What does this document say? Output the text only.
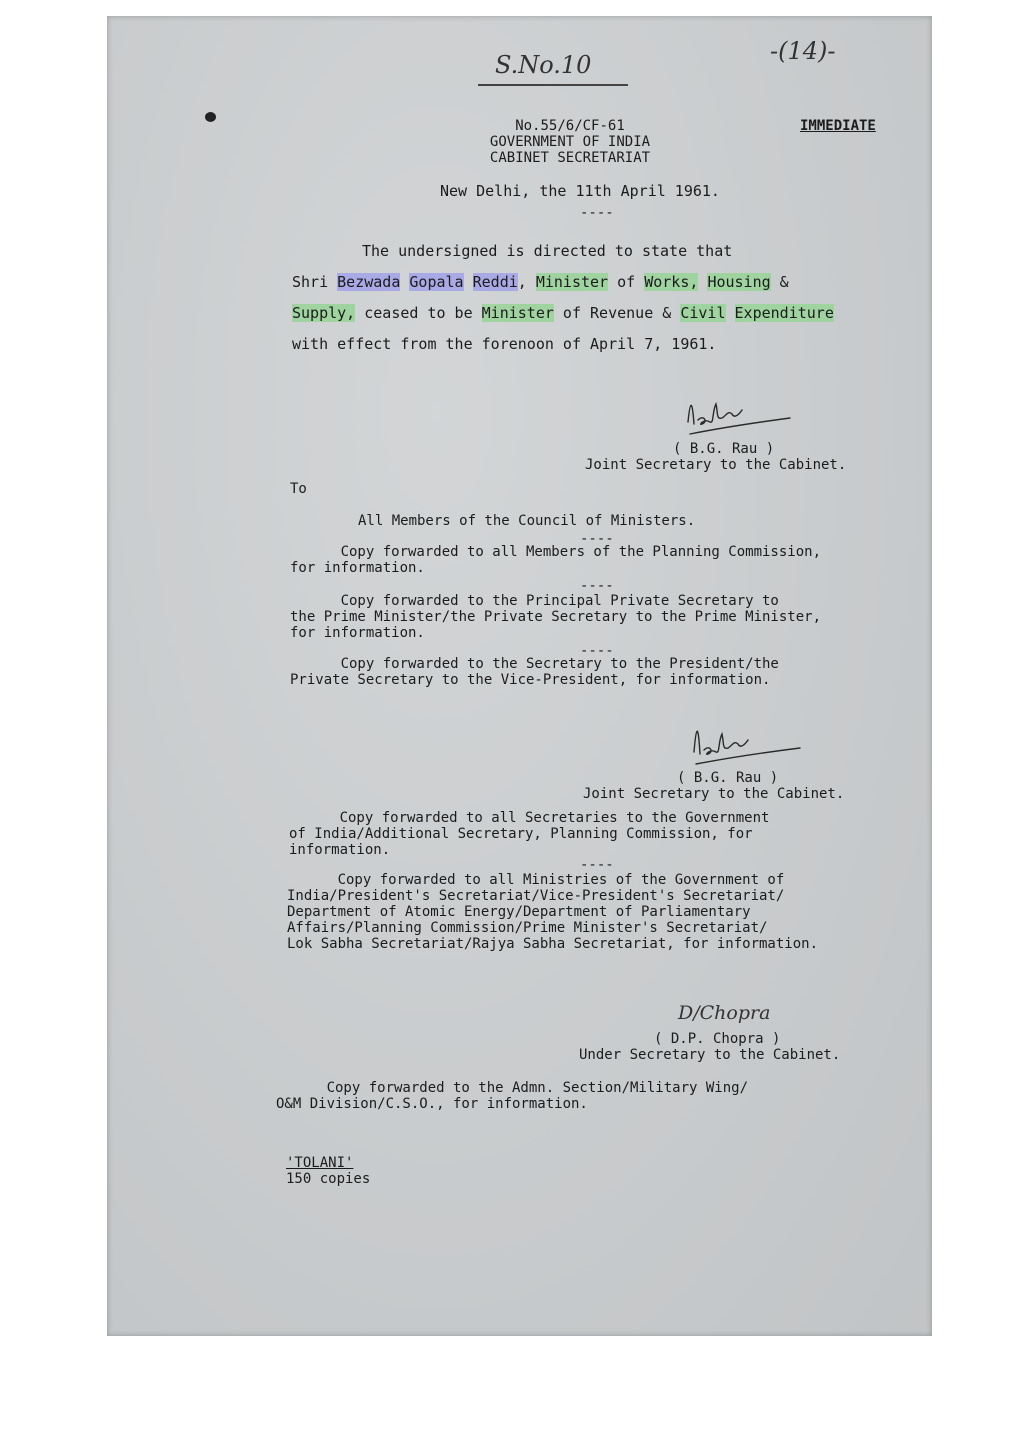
S.No.10	-(14)-
No.55/6/CF-61
GOVERNMENT OF INDIA
CABINET SECRETARIAT
IMMEDIATE
New Delhi, the 11th April 1961.
----
The undersigned is directed to state that
Shri Bezwada Gopala Reddi, Minister of Works, Housing &
Supply, ceased to be Minister of Revenue & Civil Expenditure
with effect from the forenoon of April 7, 1961.
( B.G. Rau )
Joint Secretary to the Cabinet.
To
All Members of the Council of Ministers.
----
Copy forwarded to all Members of the Planning Commission,
for information.
----
Copy forwarded to the Principal Private Secretary to
the Prime Minister/the Private Secretary to the Prime Minister,
for information.
----
Copy forwarded to the Secretary to the President/the
Private Secretary to the Vice-President, for information.
( B.G. Rau )
Joint Secretary to the Cabinet.
Copy forwarded to all Secretaries to the Government
of India/Additional Secretary, Planning Commission, for
information.
----
Copy forwarded to all Ministries of the Government of
India/President's Secretariat/Vice-President's Secretariat/
Department of Atomic Energy/Department of Parliamentary
Affairs/Planning Commission/Prime Minister's Secretariat/
Lok Sabha Secretariat/Rajya Sabha Secretariat, for information.
D/Chopra
( D.P. Chopra )
Under Secretary to the Cabinet.
Copy forwarded to the Admn. Section/Military Wing/
O&M Division/C.S.O., for information.
'TOLANI'
150 copies
